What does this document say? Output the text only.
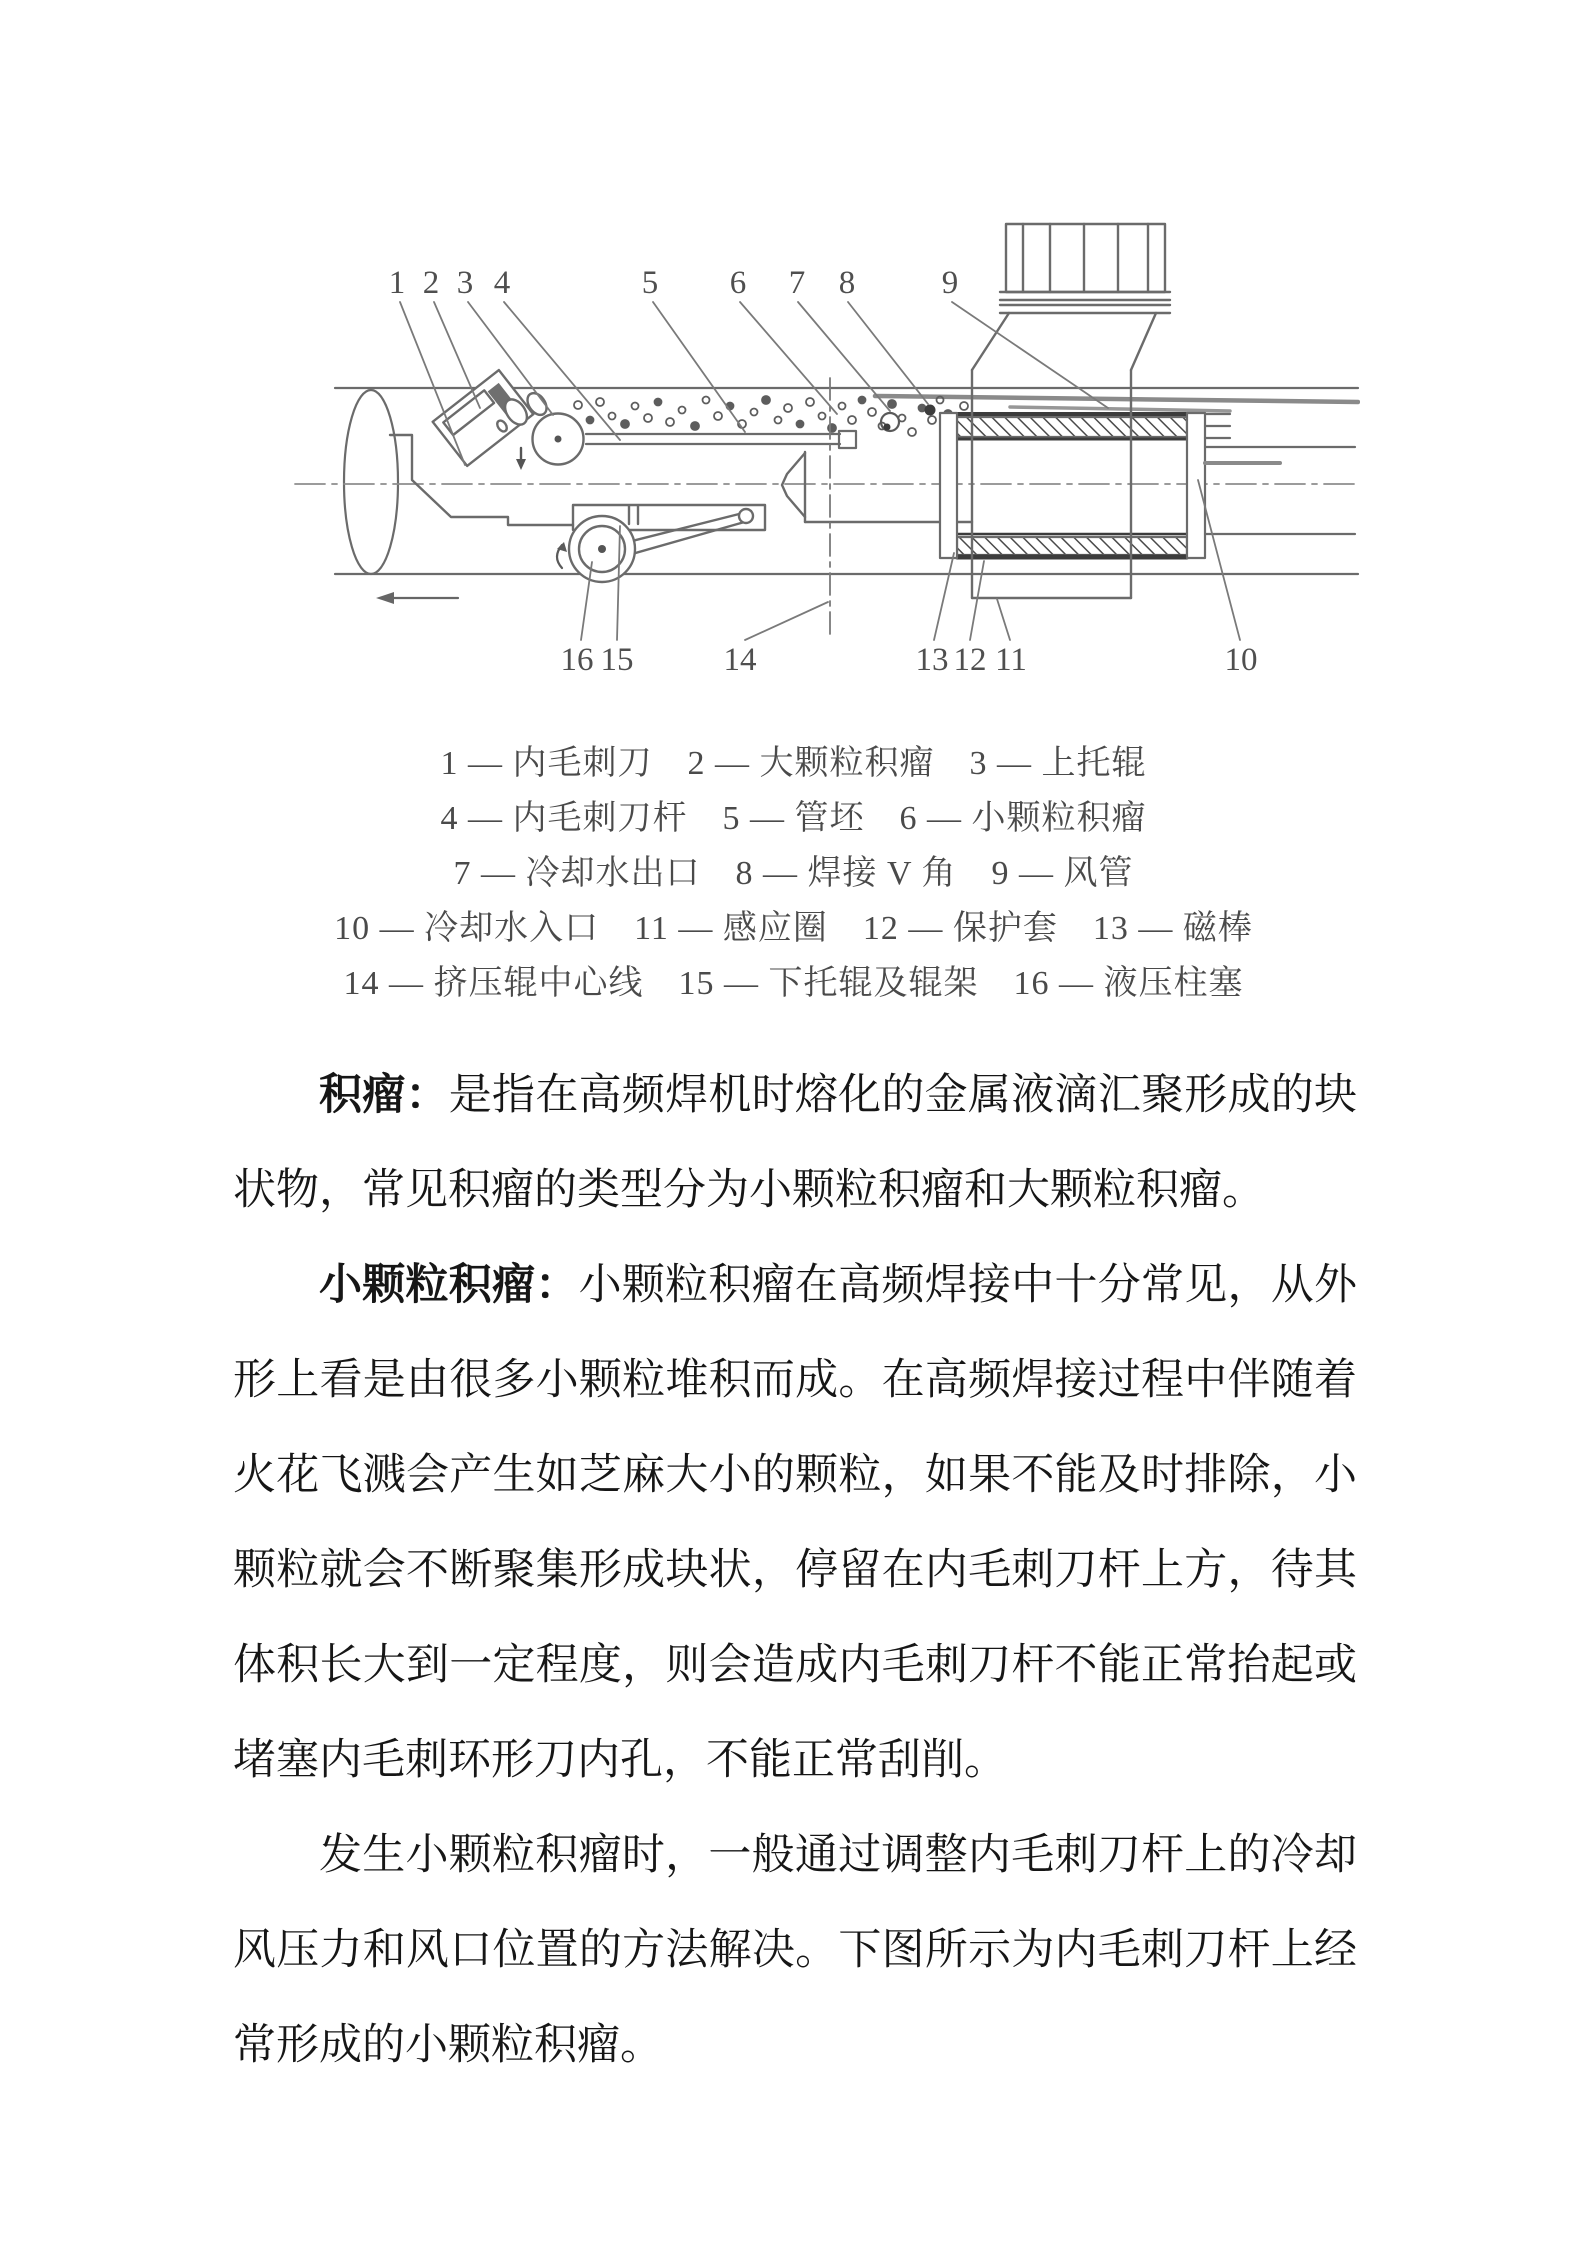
1 2 3 4	5 6 7 8	9
16 15	14	13 12 11	10
1 — 内毛刺刀　2 — 大颗粒积瘤　3 — 上托辊
4 — 内毛刺刀杆　5 — 管坯　6 — 小颗粒积瘤
7 — 冷却水出口　8 — 焊接 V 角　9 — 风管
10 — 冷却水入口　11 — 感应圈　12 — 保护套　13 — 磁棒
14 — 挤压辊中心线　15 — 下托辊及辊架　16 — 液压柱塞
积瘤：是指在高频焊机时熔化的金属液滴汇聚形成的块
状物，常见积瘤的类型分为小颗粒积瘤和大颗粒积瘤。
小颗粒积瘤：小颗粒积瘤在高频焊接中十分常见，从外
形上看是由很多小颗粒堆积而成。在高频焊接过程中伴随着
火花飞溅会产生如芝麻大小的颗粒，如果不能及时排除，小
颗粒就会不断聚集形成块状，停留在内毛刺刀杆上方，待其
体积长大到一定程度，则会造成内毛刺刀杆不能正常抬起或
堵塞内毛刺环形刀内孔，不能正常刮削。
发生小颗粒积瘤时，一般通过调整内毛刺刀杆上的冷却
风压力和风口位置的方法解决。下图所示为内毛刺刀杆上经
常形成的小颗粒积瘤。
